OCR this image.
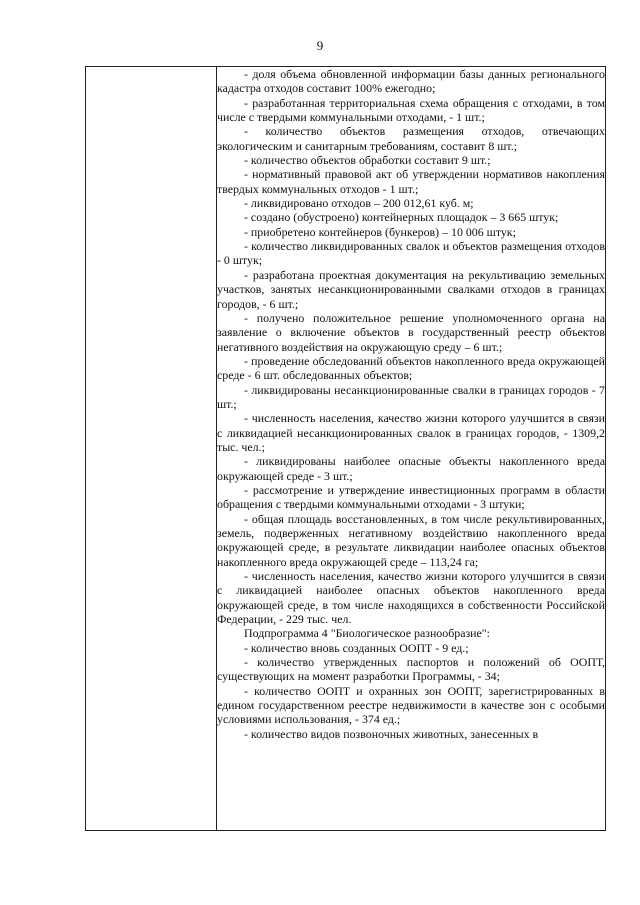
9

- доля объема обновленной информации базы данных регионального кадастра отходов составит 100% ежегодно;

- разработанная территориальная схема обращения с отходами, в том числе с твердыми коммунальными отходами, - 1 шт.;

- количество объектов размещения отходов, отвечающих экологическим и санитарным требованиям, составит 8 шт.;

- количество объектов обработки составит 9 шт.;

- нормативный правовой акт об утверждении нормативов накопления твердых коммунальных отходов - 1 шт.;

- ликвидировано отходов – 200 012,61 куб. м;

- создано (обустроено) контейнерных площадок – 3 665 штук;

- приобретено контейнеров (бункеров) – 10 006 штук;

- количество ликвидированных свалок и объектов размещения отходов - 0 штук;

- разработана проектная документация на рекультивацию земельных участков, занятых несанкционированными свалками отходов в границах городов, - 6 шт.;

- получено положительное решение уполномоченного органа на заявление о включение объектов в государственный реестр объектов негативного воздействия на окружающую среду – 6 шт.;

- проведение обследований объектов накопленного вреда окружающей среде - 6 шт. обследованных объектов;

- ликвидированы несанкционированные свалки в границах городов - 7 шт.;

- численность населения, качество жизни которого улучшится в связи с ликвидацией несанкционированных свалок в границах городов, - 1309,2 тыс. чел.;

- ликвидированы наиболее опасные объекты накопленного вреда окружающей среде - 3 шт.;

- рассмотрение и утверждение инвестиционных программ в области обращения с твердыми коммунальными отходами - 3 штуки;

- общая площадь восстановленных, в том числе рекультивированных, земель, подверженных негативному воздействию накопленного вреда окружающей среде, в результате ликвидации наиболее опасных объектов накопленного вреда окружающей среде – 113,24 га;

- численность населения, качество жизни которого улучшится в связи с ликвидацией наиболее опасных объектов накопленного вреда окружающей среде, в том числе находящихся в собственности Российской Федерации, - 229 тыс. чел.

Подпрограмма 4 "Биологическое разнообразие":

- количество вновь созданных ООПТ - 9 ед.;

- количество утвержденных паспортов и положений об ООПТ, существующих на момент разработки Программы, - 34;

- количество ООПТ и охранных зон ООПТ, зарегистрированных в едином государственном реестре недвижимости в качестве зон с особыми условиями использования, - 374 ед.;

- количество видов позвоночных животных, занесенных в
